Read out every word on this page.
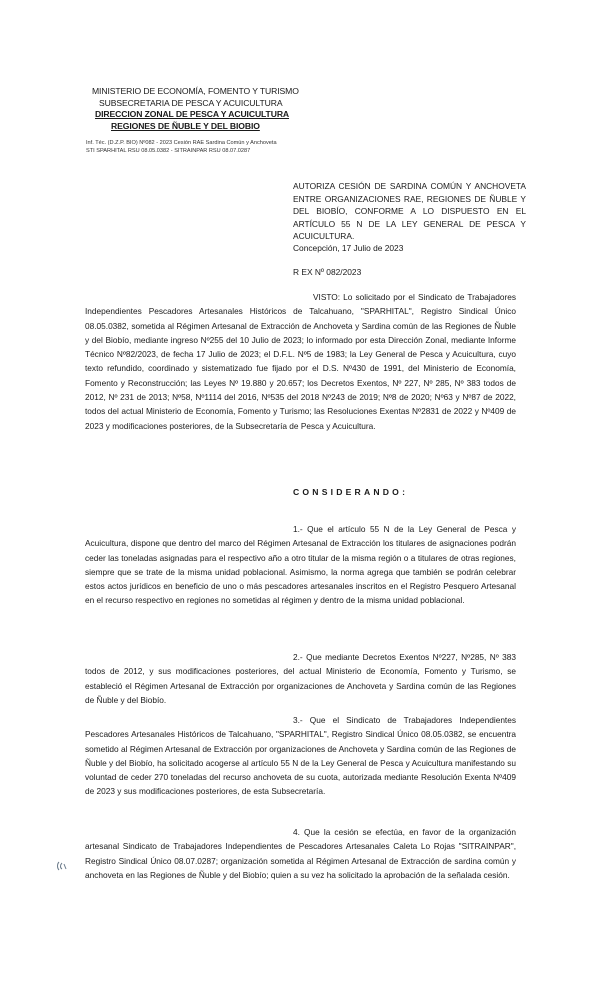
MINISTERIO DE ECONOMÍA, FOMENTO Y TURISMO
SUBSECRETARIA DE PESCA Y ACUICULTURA
DIRECCION ZONAL DE PESCA Y ACUICULTURA
REGIONES DE ÑUBLE Y DEL BIOBIO
Inf. Téc. (D.Z.P. BIO) Nº082 - 2023 Cesión RAE Sardina Común y Anchoveta
STI SPARHITAL RSU 08.05.0382 - SITRAINPAR RSU 08.07.0287
AUTORIZA CESIÓN DE SARDINA COMÚN Y ANCHOVETA ENTRE ORGANIZACIONES RAE, REGIONES DE ÑUBLE Y DEL BIOBÍO, CONFORME A LO DISPUESTO EN EL ARTÍCULO 55 N DE LA LEY GENERAL DE PESCA Y ACUICULTURA.
Concepción, 17 Julio de 2023
R EX Nº 082/2023
VISTO: Lo solicitado por el Sindicato de Trabajadores Independientes Pescadores Artesanales Históricos de Talcahuano, "SPARHITAL", Registro Sindical Único 08.05.0382, sometida al Régimen Artesanal de Extracción de Anchoveta y Sardina común de las Regiones de Ñuble y del Biobío, mediante ingreso Nº255 del 10 Julio de 2023; lo informado por esta Dirección Zonal, mediante Informe Técnico Nº82/2023, de fecha 17 Julio de 2023; el D.F.L. Nº5 de 1983; la Ley General de Pesca y Acuicultura, cuyo texto refundido, coordinado y sistematizado fue fijado por el D.S. Nº430 de 1991, del Ministerio de Economía, Fomento y Reconstrucción; las Leyes Nº 19.880 y 20.657; los Decretos Exentos, Nº 227, Nº 285, Nº 383 todos de 2012, Nº 231 de 2013; Nº58, Nº1114 del 2016, Nº535 del 2018 Nº243 de 2019; Nº8 de 2020; Nº63 y Nº87 de 2022, todos del actual Ministerio de Economía, Fomento y Turismo; las Resoluciones Exentas Nº2831 de 2022 y Nº409 de 2023 y modificaciones posteriores, de la Subsecretaría de Pesca y Acuicultura.
CONSIDERANDO:
1.- Que el artículo 55 N de la Ley General de Pesca y Acuicultura, dispone que dentro del marco del Régimen Artesanal de Extracción los titulares de asignaciones podrán ceder las toneladas asignadas para el respectivo año a otro titular de la misma región o a titulares de otras regiones, siempre que se trate de la misma unidad poblacional. Asimismo, la norma agrega que también se podrán celebrar estos actos jurídicos en beneficio de uno o más pescadores artesanales inscritos en el Registro Pesquero Artesanal en el recurso respectivo en regiones no sometidas al régimen y dentro de la misma unidad poblacional.
2.- Que mediante Decretos Exentos Nº227, Nº285, Nº 383 todos de 2012, y sus modificaciones posteriores, del actual Ministerio de Economía, Fomento y Turismo, se estableció el Régimen Artesanal de Extracción por organizaciones de Anchoveta y Sardina común de las Regiones de Ñuble y del Biobío.
3.- Que el Sindicato de Trabajadores Independientes Pescadores Artesanales Históricos de Talcahuano, "SPARHITAL", Registro Sindical Único 08.05.0382, se encuentra sometido al Régimen Artesanal de Extracción por organizaciones de Anchoveta y Sardina común de las Regiones de Ñuble y del Biobío, ha solicitado acogerse al artículo 55 N de la Ley General de Pesca y Acuicultura manifestando su voluntad de ceder 270 toneladas del recurso anchoveta de su cuota, autorizada mediante Resolución Exenta Nº409 de 2023 y sus modificaciones posteriores, de esta Subsecretaría.
4. Que la cesión se efectúa, en favor de la organización artesanal Sindicato de Trabajadores Independientes de Pescadores Artesanales Caleta Lo Rojas "SITRAINPAR", Registro Sindical Único 08.07.0287; organización sometida al Régimen Artesanal de Extracción de sardina común y anchoveta en las Regiones de Ñuble y del Biobío; quien a su vez ha solicitado la aprobación de la señalada cesión.
